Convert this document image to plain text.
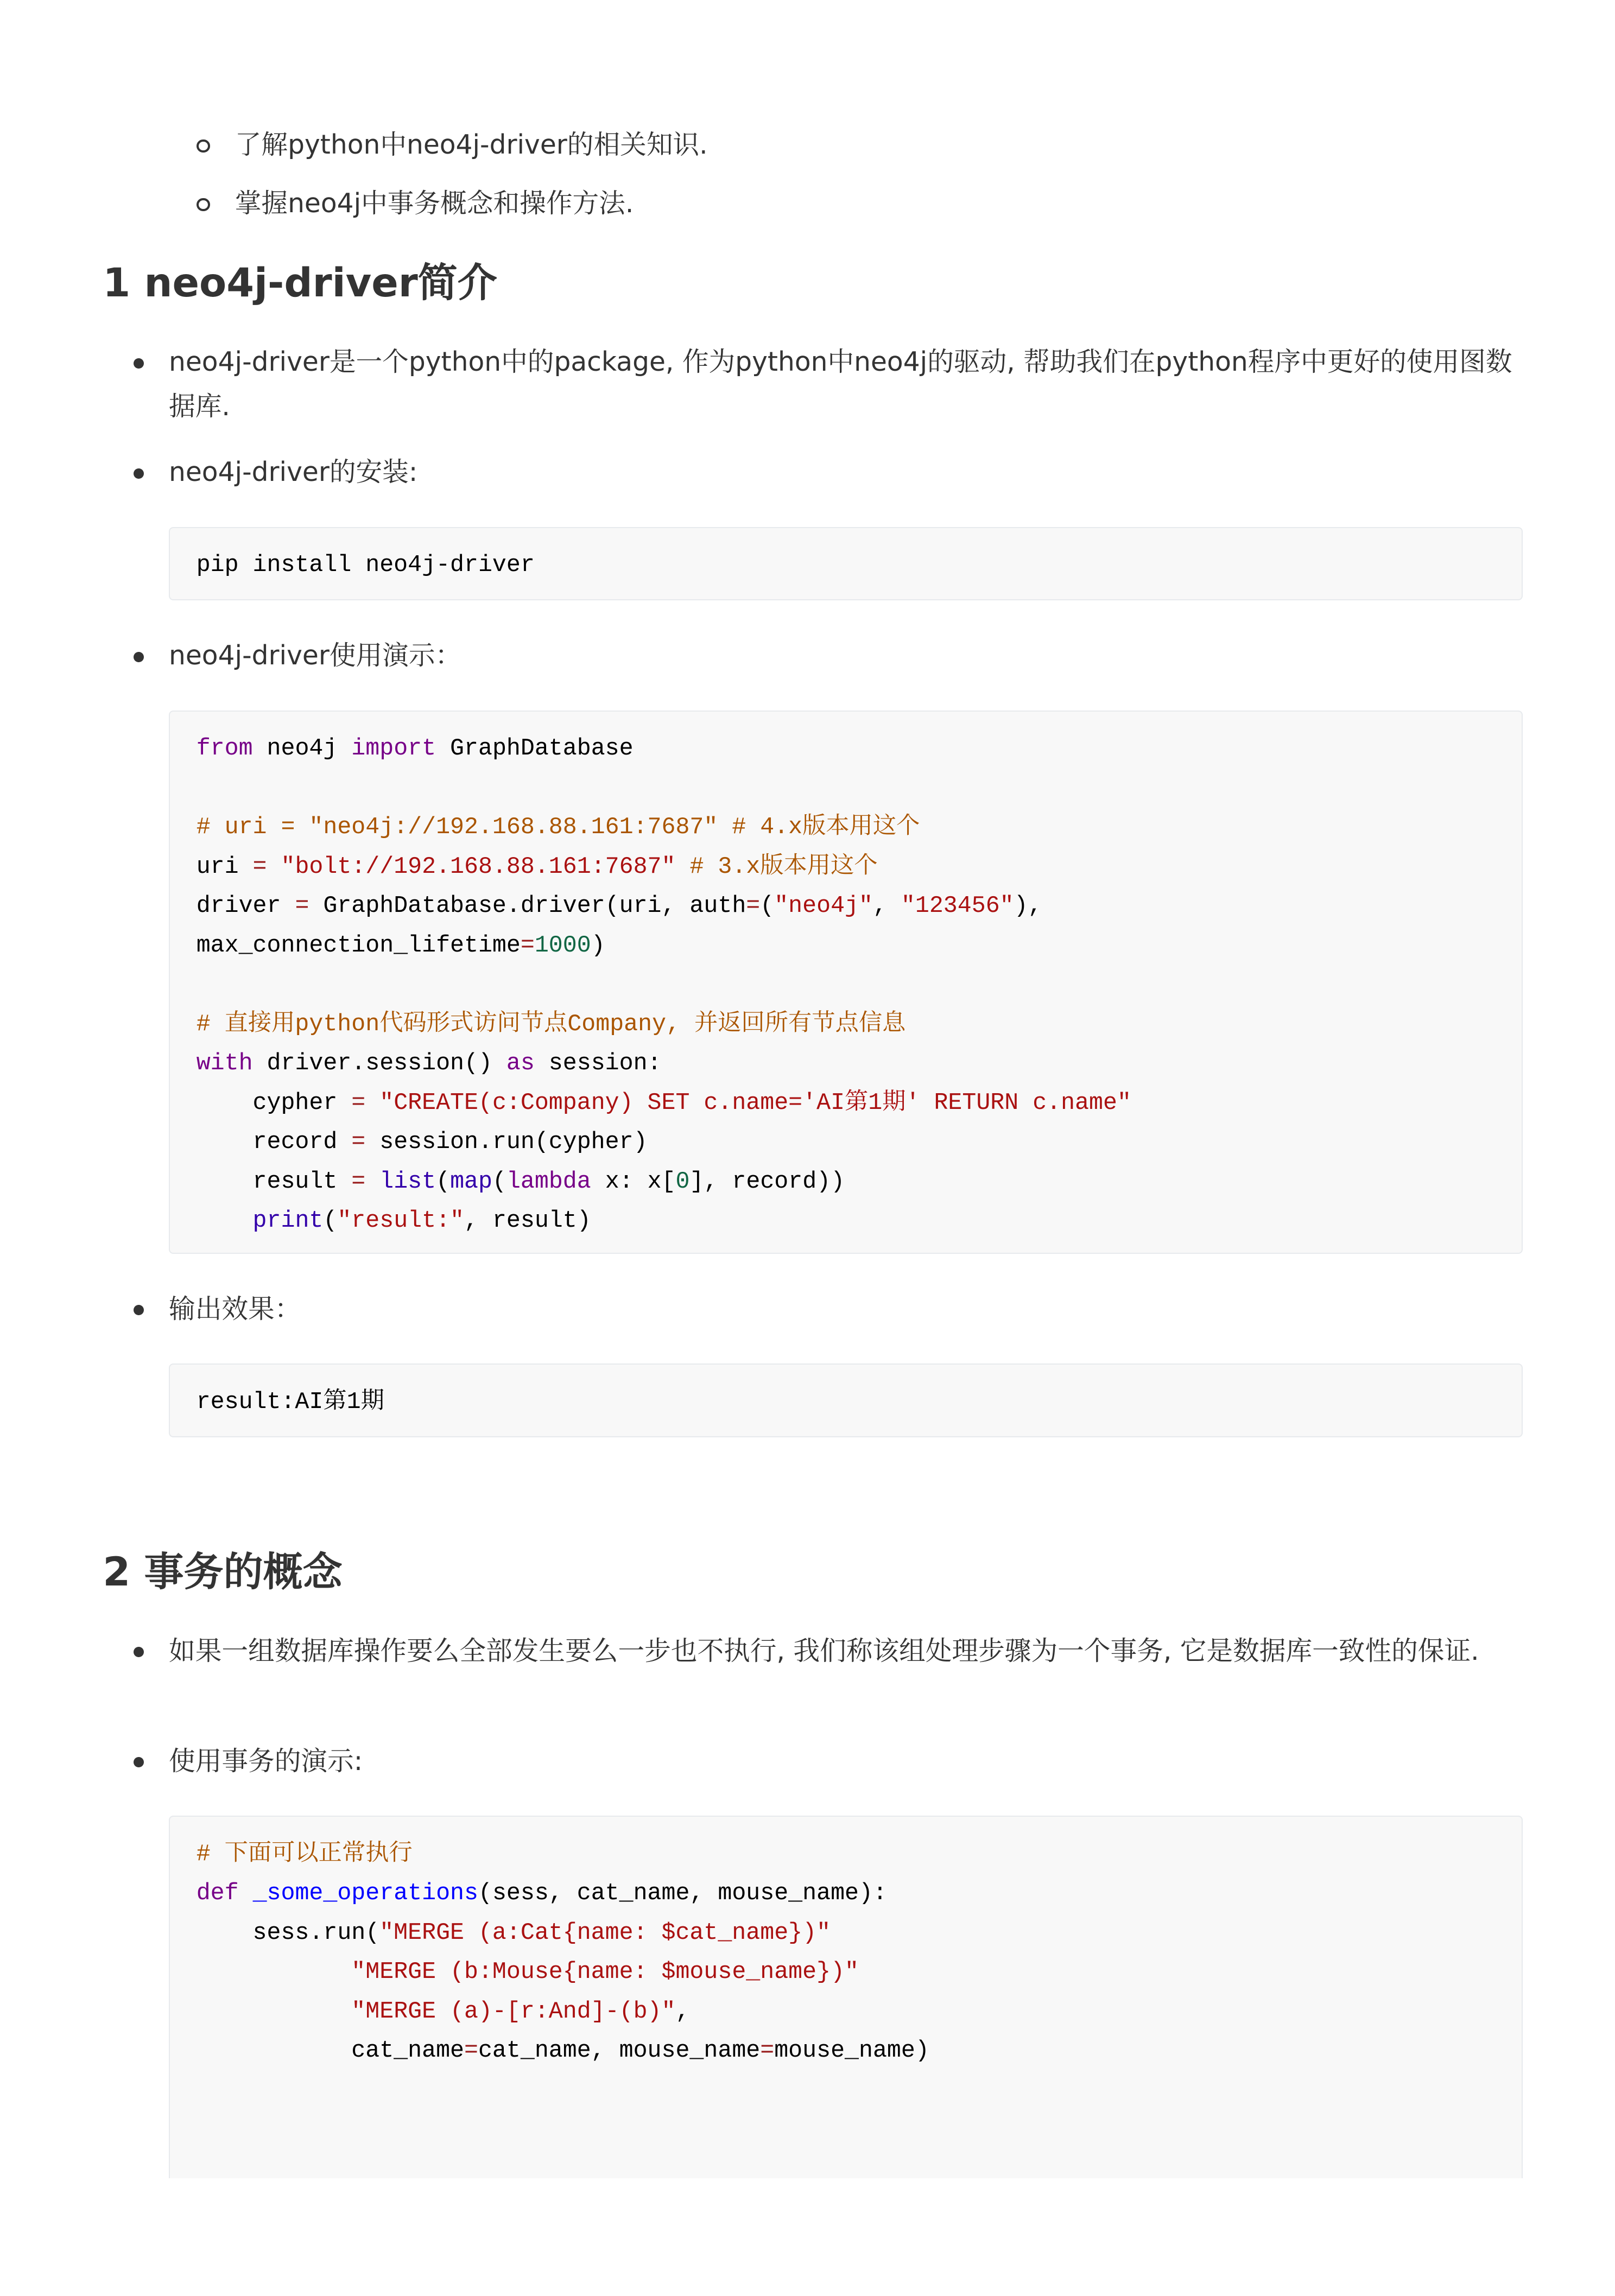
了解python中neo4j-driver的相关知识.
掌握neo4j中事务概念和操作方法.
1 neo4j-driver简介
neo4j-driver是一个python中的package, 作为python中neo4j的驱动, 帮助我们在python程序中更好的使用图数据库.
neo4j-driver的安装:
pip install neo4j-driver
neo4j-driver使用演示：
from neo4j import GraphDatabase
# uri = "neo4j://192.168.88.161:7687" # 4.x版本用这个
uri = "bolt://192.168.88.161:7687" # 3.x版本用这个
driver = GraphDatabase.driver(uri, auth=("neo4j", "123456"),
max_connection_lifetime=1000)
# 直接用python代码形式访问节点Company, 并返回所有节点信息
with driver.session() as session:
cypher = "CREATE(c:Company) SET c.name='AI第1期' RETURN c.name"
record = session.run(cypher)
result = list(map(lambda x: x[0], record))
print("result:", result)
输出效果：
result:AI第1期
2 事务的概念
如果一组数据库操作要么全部发生要么一步也不执行, 我们称该组处理步骤为一个事务, 它是数据库一致性的保证.
使用事务的演示:
# 下面可以正常执行
def _some_operations(sess, cat_name, mouse_name):
sess.run("MERGE (a:Cat{name: $cat_name})"
"MERGE (b:Mouse{name: $mouse_name})"
"MERGE (a)-[r:And]-(b)",
cat_name=cat_name, mouse_name=mouse_name)
